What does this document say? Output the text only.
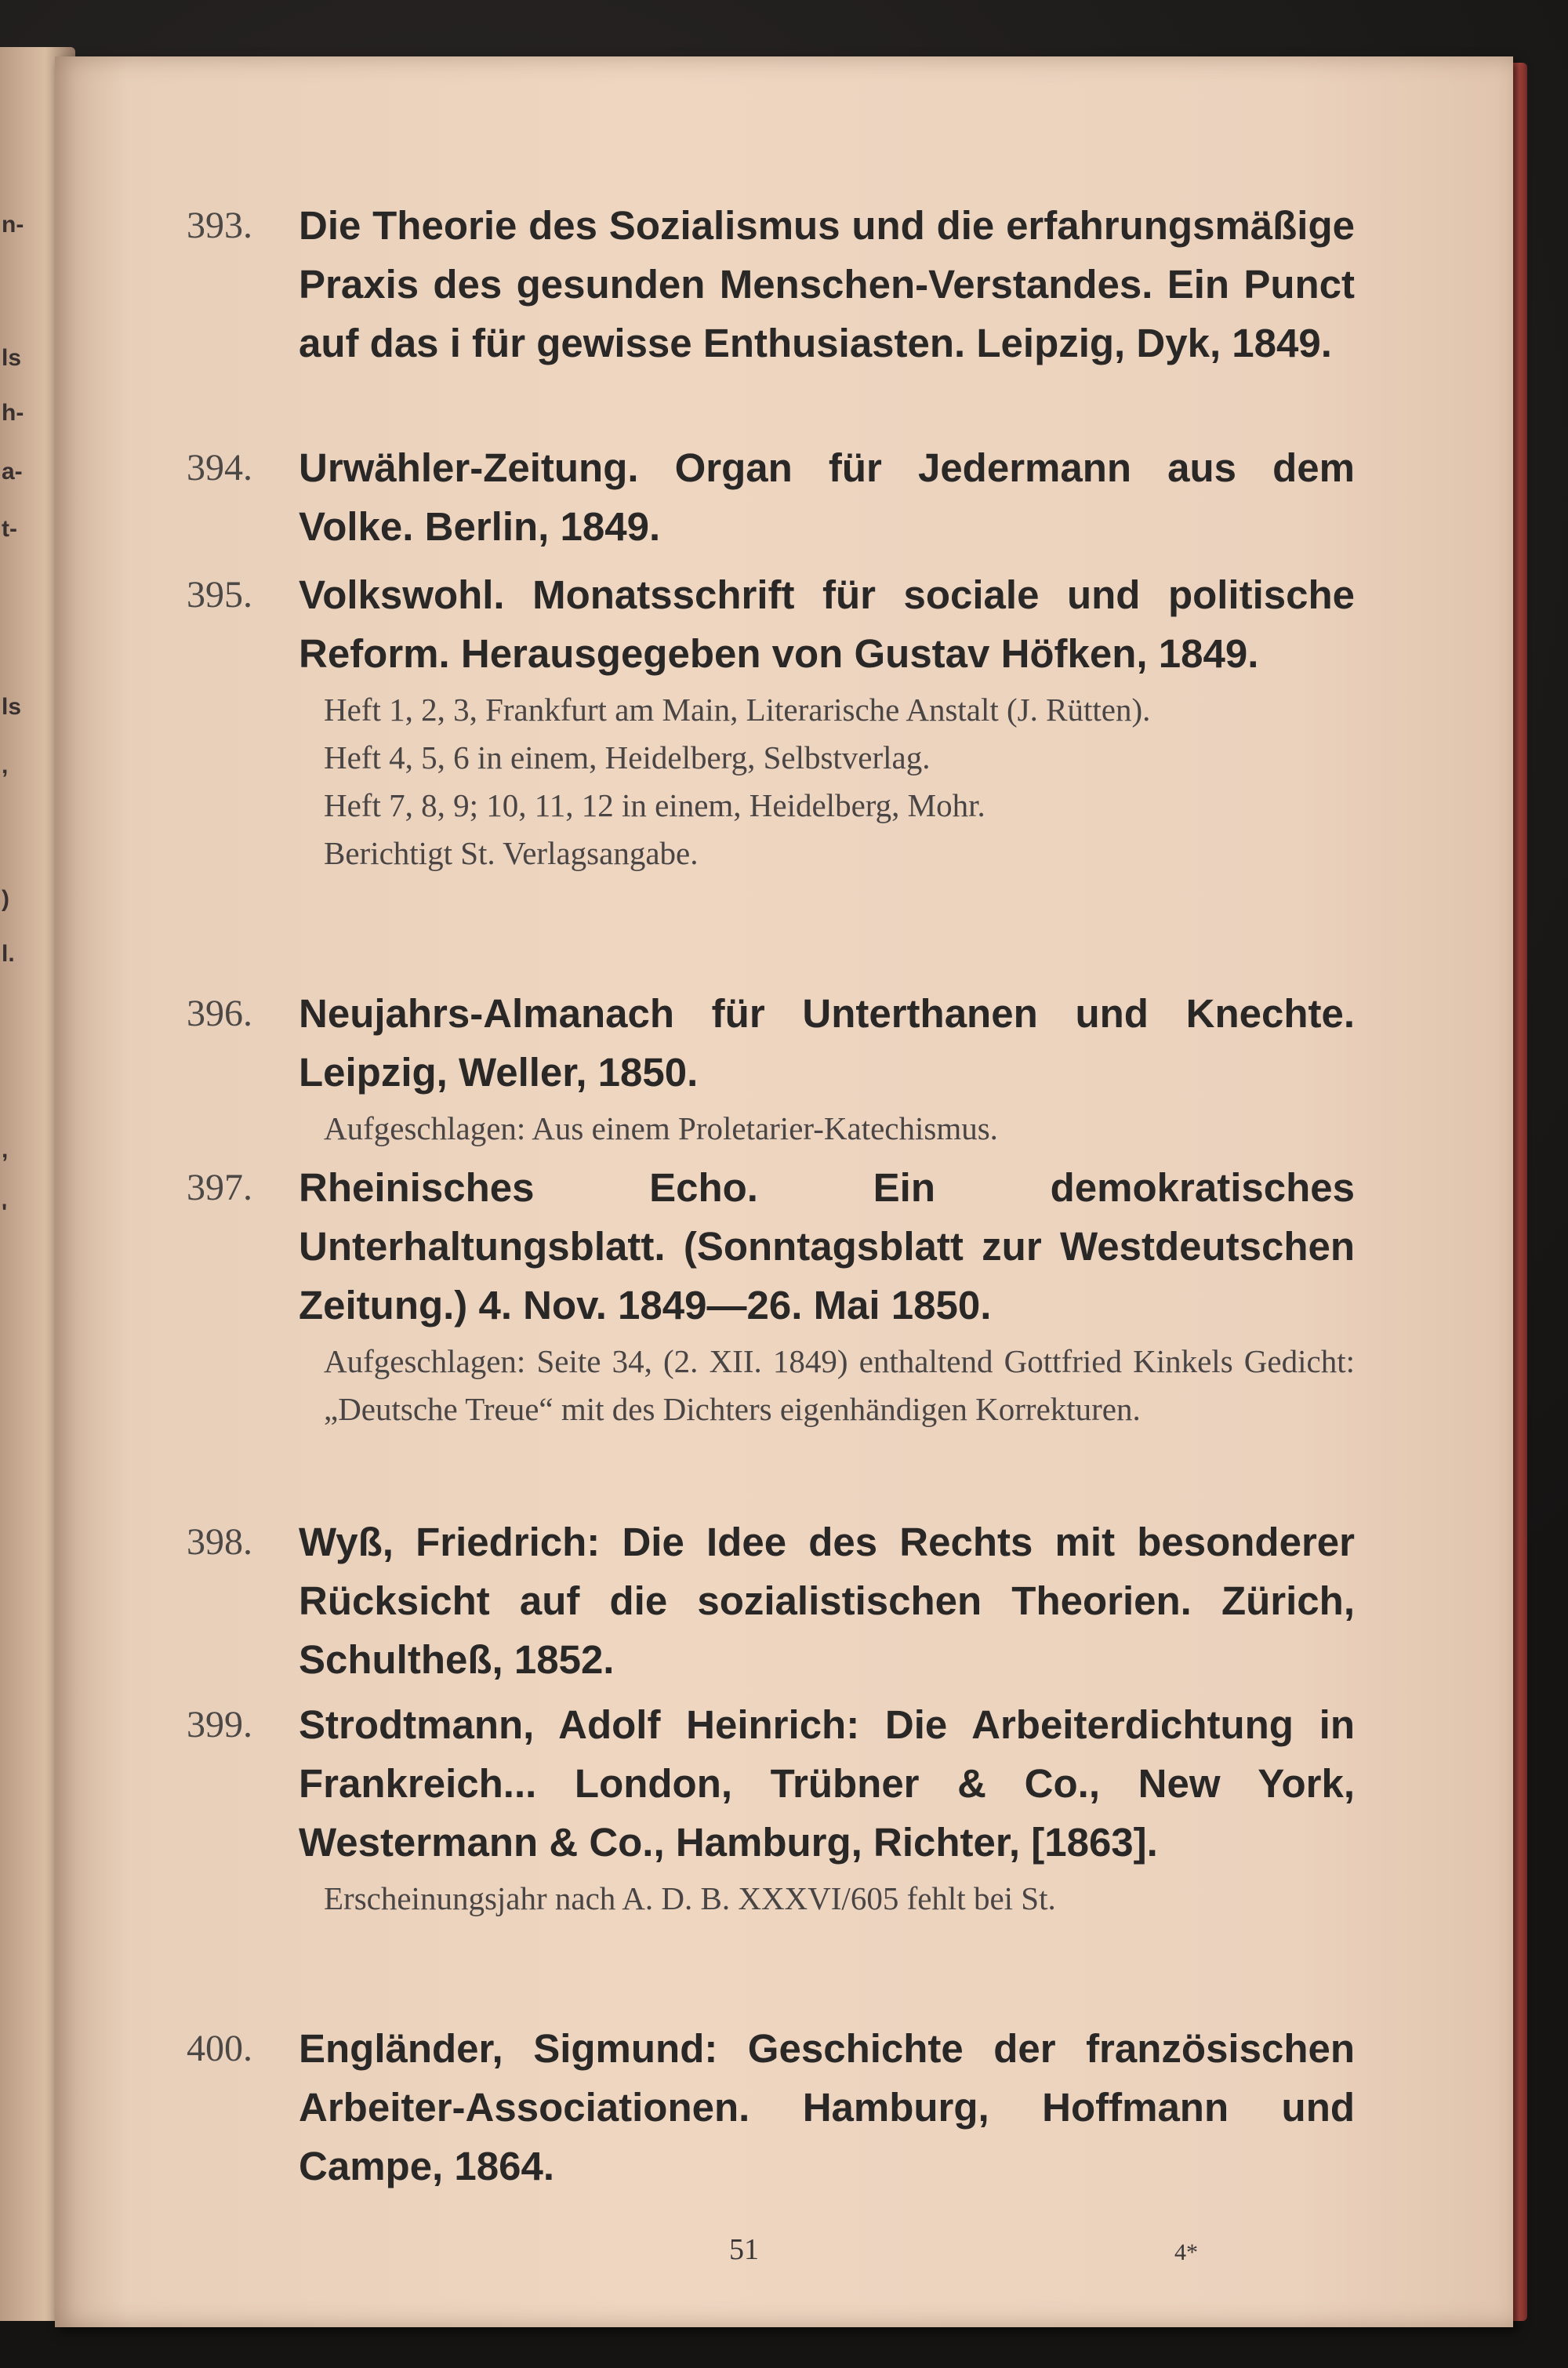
n-
ls
h-
a-
t-
ls
,
)
l.
,
'
393.	Die Theorie des Sozialismus und die erfahrungsmäßige Praxis des gesunden Menschen-Verstandes. Ein Punct auf das i für gewisse Enthusiasten. Leipzig, Dyk, 1849.

394.	Urwähler-Zeitung. Organ für Jedermann aus dem Volke. Berlin, 1849.

395.	Volkswohl. Monatsschrift für sociale und politische Reform. Herausgegeben von Gustav Höfken, 1849.

Heft 1, 2, 3, Frankfurt am Main, Literarische Anstalt (J. Rütten).

Heft 4, 5, 6 in einem, Heidelberg, Selbstverlag.

Heft 7, 8, 9; 10, 11, 12 in einem, Heidelberg, Mohr.

Berichtigt St. Verlagsangabe.

396.	Neujahrs-Almanach für Unterthanen und Knechte. Leipzig, Weller, 1850.

Aufgeschlagen: Aus einem Proletarier-Katechismus.

397.	Rheinisches Echo. Ein demokratisches Unterhaltungsblatt. (Sonntagsblatt zur Westdeutschen Zeitung.) 4. Nov. 1849—26. Mai 1850.

Aufgeschlagen: Seite 34, (2. XII. 1849) enthaltend Gottfried Kinkels Gedicht: „Deutsche Treue“ mit des Dichters eigenhändigen Korrekturen.

398.	Wyß, Friedrich: Die Idee des Rechts mit besonderer Rücksicht auf die sozialistischen Theorien. Zürich, Schultheß, 1852.

399.	Strodtmann, Adolf Heinrich: Die Arbeiterdichtung in Frankreich... London, Trübner & Co., New York, Westermann & Co., Hamburg, Richter, [1863].

Erscheinungsjahr nach A. D. B. XXXVI/605 fehlt bei St.

400.	Engländer, Sigmund: Geschichte der französischen Arbeiter-Associationen. Hamburg, Hoffmann und Campe, 1864.

51	4*
